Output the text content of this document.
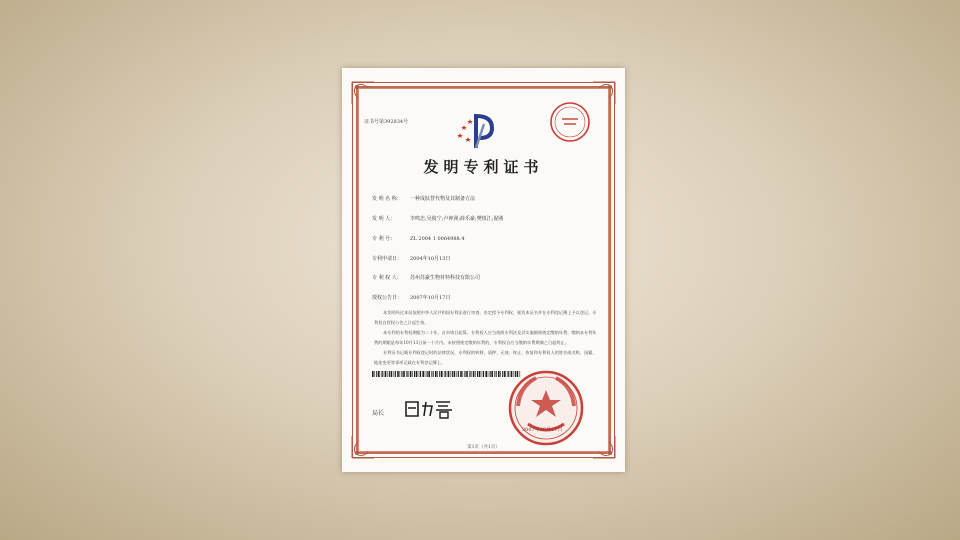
证书号第392834号
发明专利证书
发 明 名 称： 一种成肽替代物及其制备方法
发 明 人：	李鸣忠;吴俊宁;卢神洲;薛乐豪;樊慎江;倪刚
专 利 号：	ZL 2004 1 0064988.4
专利申请日： 2004年10月13日
专 利 权 人： 苏州苏豪生物材料科技有限公司
授权公告日： 2007年10月17日

本发明经过本局依照中华人民共和国专利法进行审查，决定授予专利权，颁发本证书并在专利登记簿上予以登记。专利权自授权公告之日起生效。

本专利的专利权期限为二十年，自申请日起算。专利权人应当依照专利法及其实施细则规定缴纳年费。缴纳本专利年费的期限是每年10月13日前一个月内。未按照规定缴纳年费的，专利权自应当缴纳年费期满之日起终止。

专利证书记载专利权登记时的法律状况。专利权的转移、质押、无效、终止、恢复和专利权人的姓名或名称、国籍、地址变更等事项记载在专利登记簿上。

局长
2007年10月17日
第1页（共1页）
